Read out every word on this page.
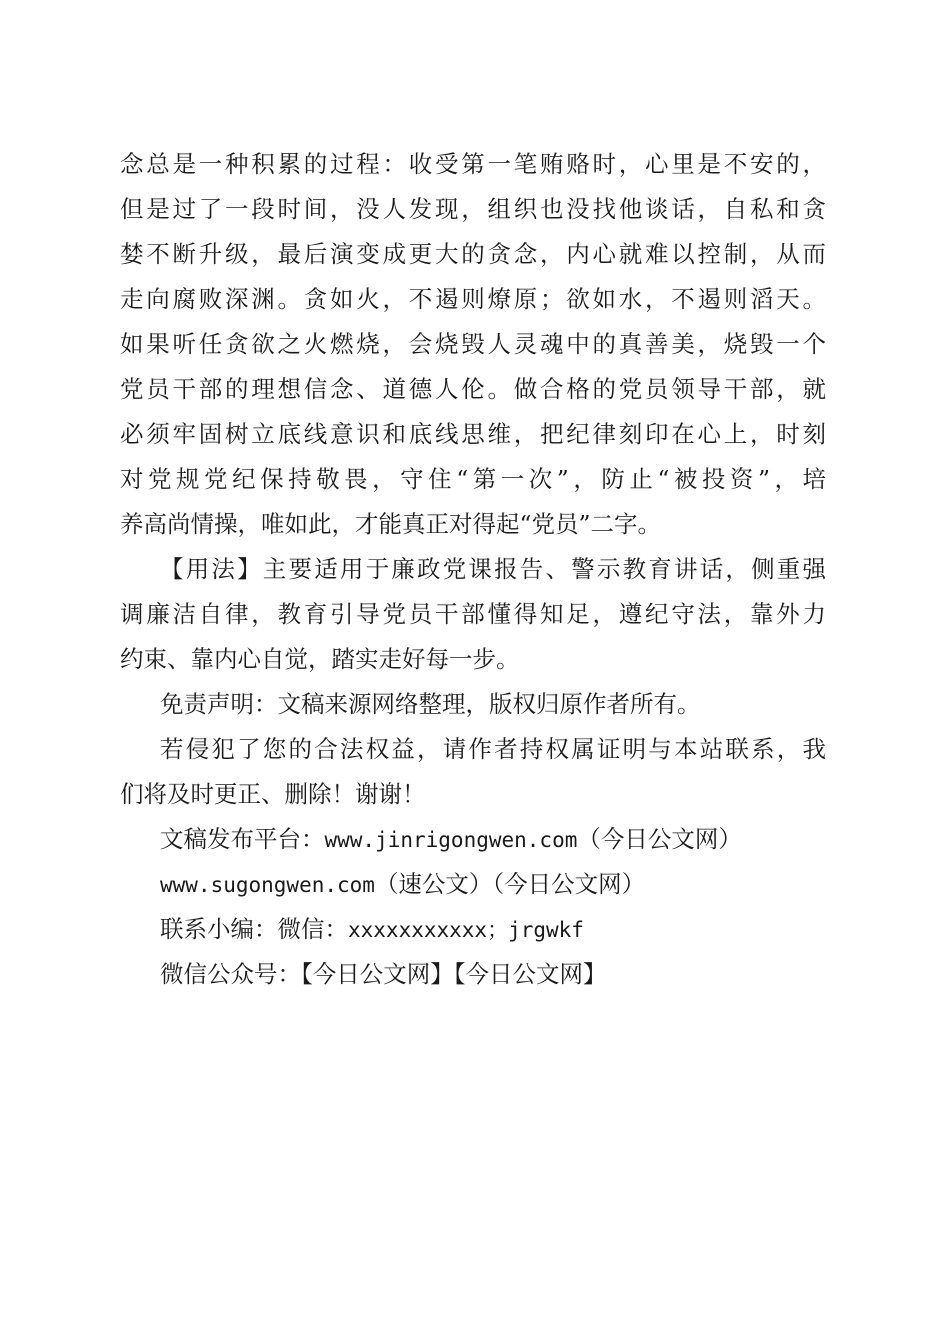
念总是一种积累的过程：收受第一笔贿赂时，心里是不安的，
但是过了一段时间，没人发现，组织也没找他谈话，自私和贪
婪不断升级，最后演变成更大的贪念，内心就难以控制，从而
走向腐败深渊。贪如火，不遏则燎原；欲如水，不遏则滔天。
如果听任贪欲之火燃烧，会烧毁人灵魂中的真善美，烧毁一个
党员干部的理想信念、道德人伦。做合格的党员领导干部，就
必须牢固树立底线意识和底线思维，把纪律刻印在心上，时刻
对党规党纪保持敬畏，守住“第一次”，防止“被投资”，培
养高尚情操，唯如此，才能真正对得起“党员”二字。
【用法】主要适用于廉政党课报告、警示教育讲话，侧重强
调廉洁自律，教育引导党员干部懂得知足，遵纪守法，靠外力
约束、靠内心自觉，踏实走好每一步。
免责声明：文稿来源网络整理，版权归原作者所有。
若侵犯了您的合法权益，请作者持权属证明与本站联系，我
们将及时更正、删除！谢谢！
文稿发布平台：www.jinrigongwen.com（今日公文网）
www.sugongwen.com（速公文）（今日公文网）
联系小编：微信：xxxxxxxxxxx；jrgwkf
微信公众号：【今日公文网】【今日公文网】
